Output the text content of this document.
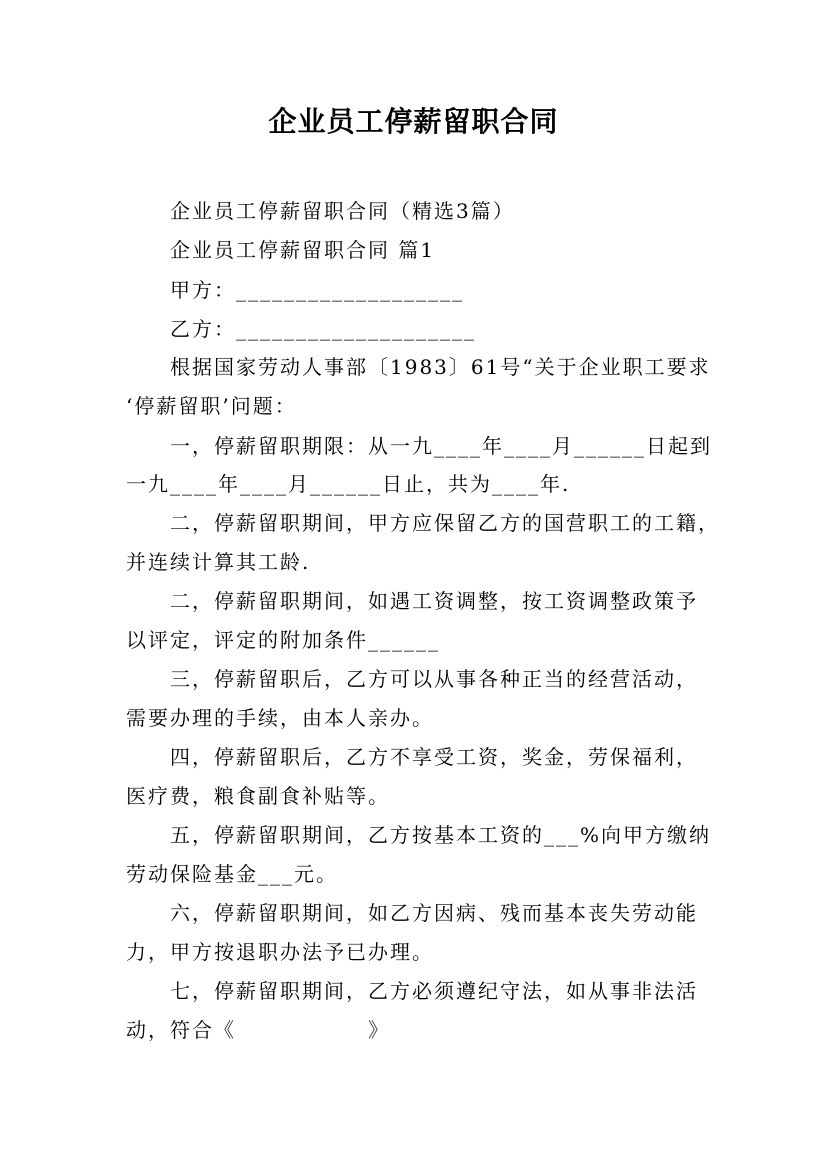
企业员工停薪留职合同
企业员工停薪留职合同（精选3篇）
企业员工停薪留职合同 篇1
甲方：___________________
乙方：____________________
根据国家劳动人事部〔1983〕61号“关于企业职工要求
‘停薪留职’问题：
一，停薪留职期限：从一九____年____月______日起到
一九____年____月______日止，共为____年.
二，停薪留职期间，甲方应保留乙方的国营职工的工籍，
并连续计算其工龄.
二，停薪留职期间，如遇工资调整，按工资调整政策予
以评定，评定的附加条件______
三，停薪留职后，乙方可以从事各种正当的经营活动，
需要办理的手续，由本人亲办。
四，停薪留职后，乙方不享受工资，奖金，劳保福利，
医疗费，粮食副食补贴等。
五，停薪留职期间，乙方按基本工资的___%向甲方缴纳
劳动保险基金___元。
六，停薪留职期间，如乙方因病、残而基本丧失劳动能
力，甲方按退职办法予已办理。
七，停薪留职期间，乙方必须遵纪守法，如从事非法活
动，符合《　　　　　　》
